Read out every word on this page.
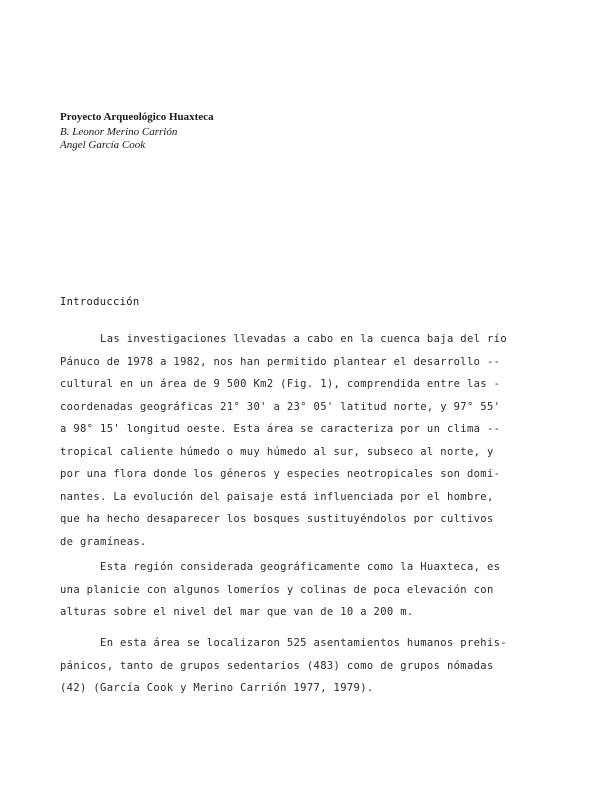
Proyecto Arqueológico Huaxteca
B. Leonor Merino Carrión
Angel García Cook
Introducción
Las investigaciones llevadas a cabo en la cuenca baja del río
Pánuco de 1978 a 1982, nos han permitido plantear el desarrollo --
cultural en un área de 9 500 Km2 (Fig. 1), comprendida entre las -
coordenadas geográficas 21° 30' a 23° 05' latitud norte, y 97° 55'
a 98° 15' longitud oeste. Esta área se caracteriza por un clima --
tropical caliente húmedo o muy húmedo al sur, subseco al norte, y
por una flora donde los géneros y especies neotropicales son domi-
nantes. La evolución del paisaje está influenciada por el hombre,
que ha hecho desaparecer los bosques sustituyéndolos por cultivos
de gramíneas.
Esta región considerada geográficamente como la Huaxteca, es
una planicie con algunos lomeríos y colinas de poca elevación con
alturas sobre el nivel del mar que van de 10 a 200 m.
En esta área se localizaron 525 asentamientos humanos prehis-
pánicos, tanto de grupos sedentarios (483) como de grupos nómadas
(42) (García Cook y Merino Carrión 1977, 1979).
